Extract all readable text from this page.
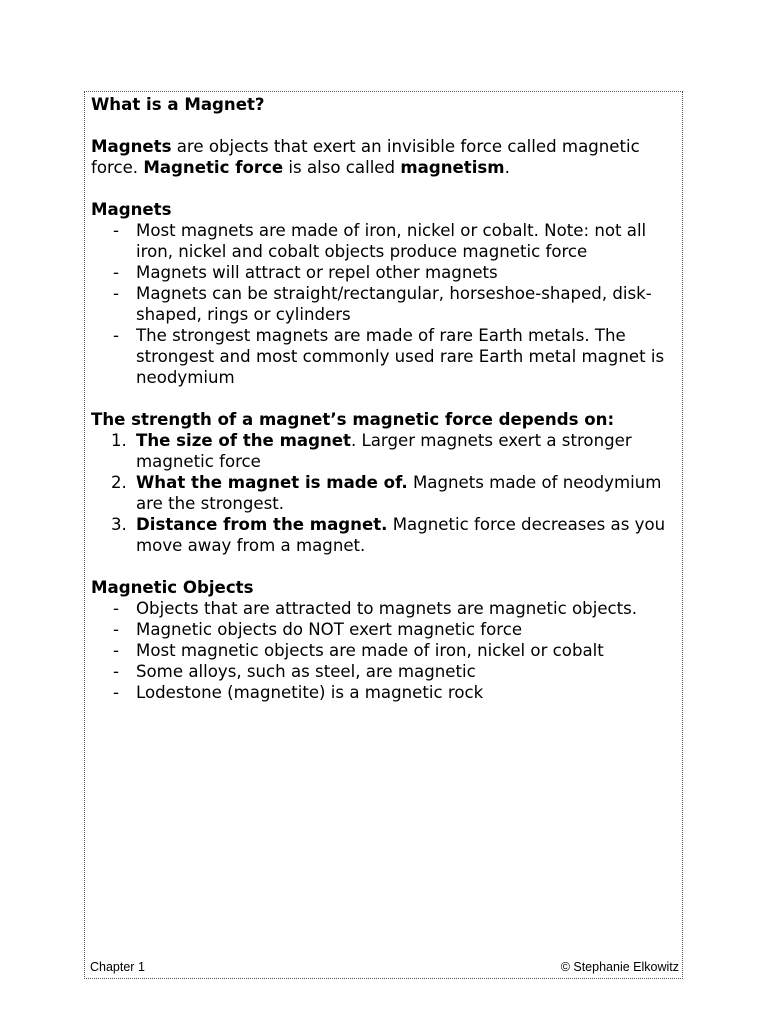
What is a Magnet?

Magnets are objects that exert an invisible force called magnetic force. Magnetic force is also called magnetism.

Magnets

- Most magnets are made of iron, nickel or cobalt. Note: not all iron, nickel and cobalt objects produce magnetic force
- Magnets will attract or repel other magnets
- Magnets can be straight/rectangular, horseshoe-shaped, disk-shaped, rings or cylinders
- The strongest magnets are made of rare Earth metals. The strongest and most commonly used rare Earth metal magnet is neodymium

The strength of a magnet’s magnetic force depends on:

1. The size of the magnet. Larger magnets exert a stronger magnetic force
2. What the magnet is made of. Magnets made of neodymium are the strongest.
3. Distance from the magnet. Magnetic force decreases as you move away from a magnet.

Magnetic Objects

- Objects that are attracted to magnets are magnetic objects.
- Magnetic objects do NOT exert magnetic force
- Most magnetic objects are made of iron, nickel or cobalt
- Some alloys, such as steel, are magnetic
- Lodestone (magnetite) is a magnetic rock
Chapter 1	© Stephanie Elkowitz
